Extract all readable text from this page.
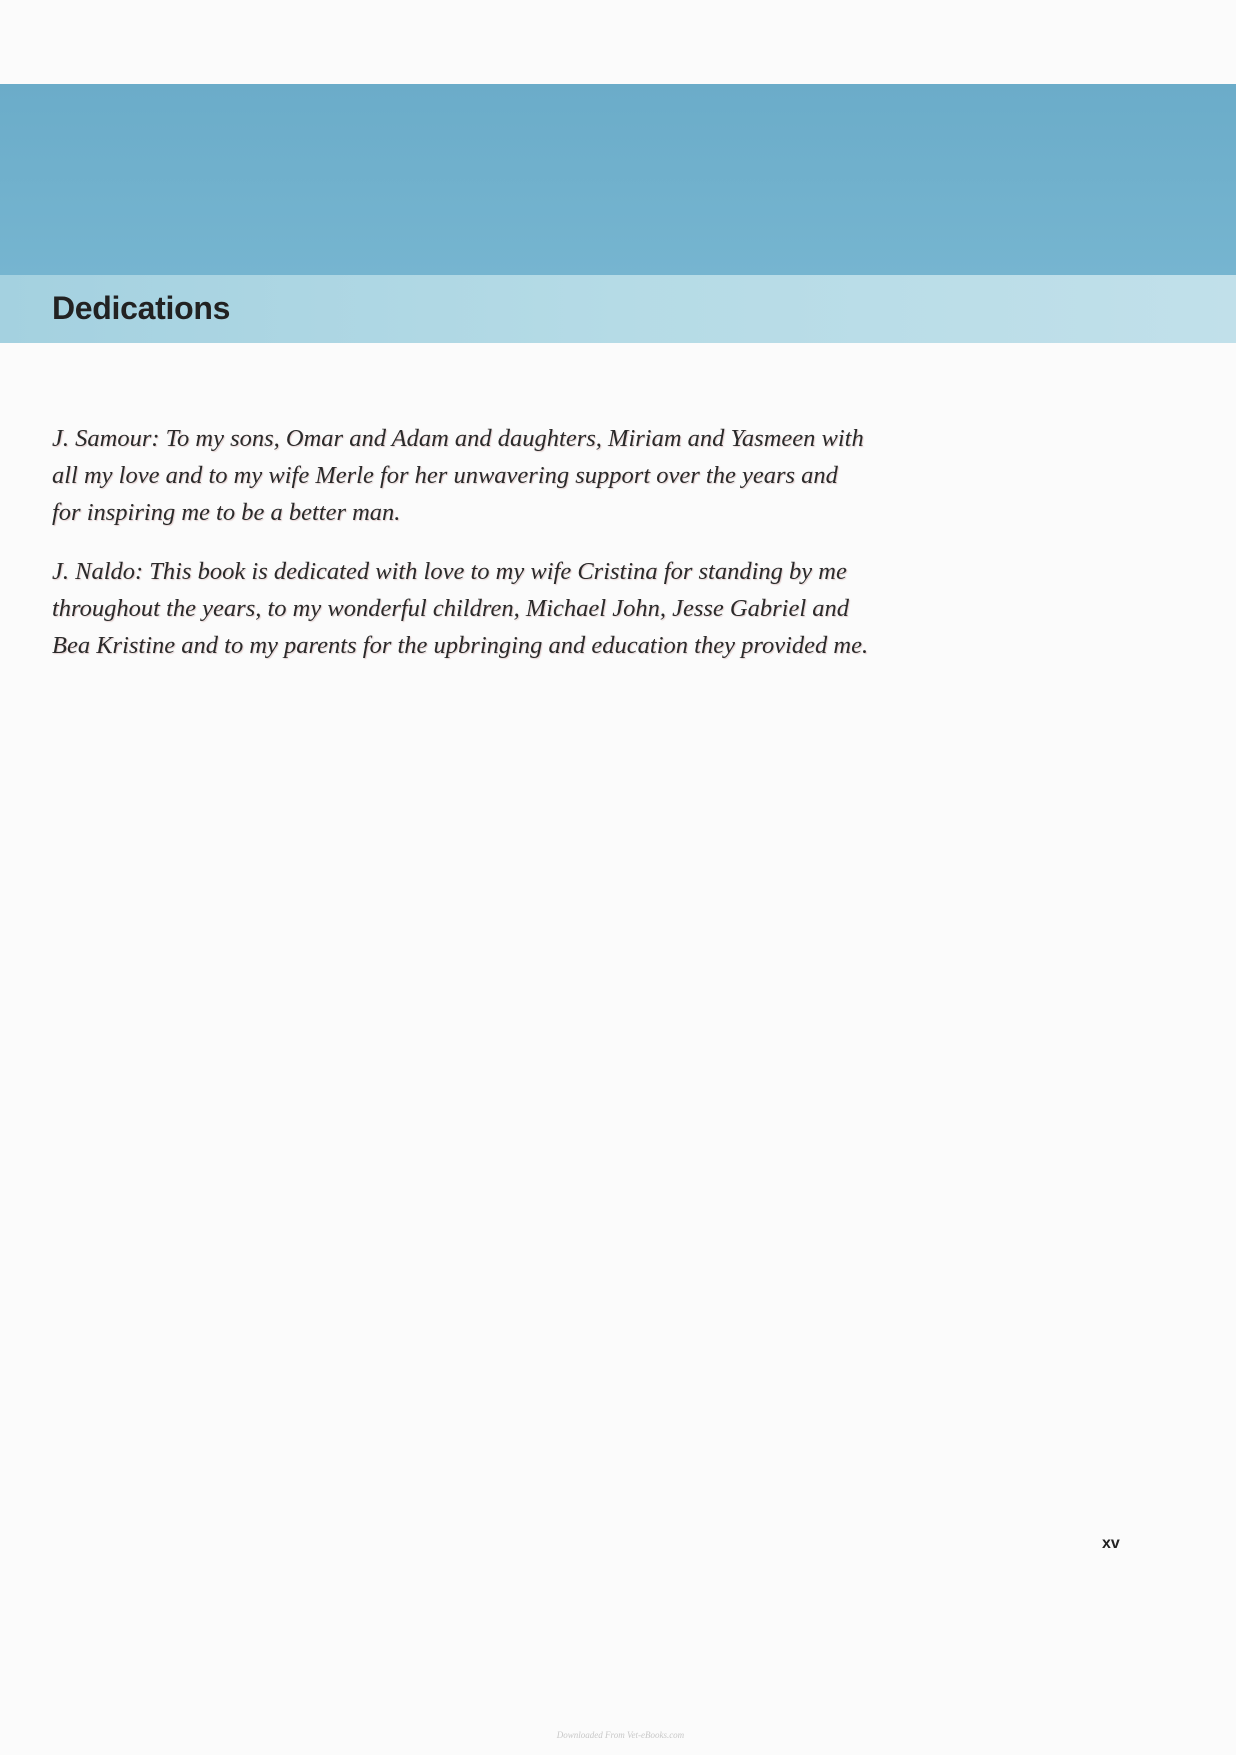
Dedications

J. Samour: To my sons, Omar and Adam and daughters, Miriam and Yasmeen with all my love and to my wife Merle for her unwavering support over the years and for inspiring me to be a better man.

J. Naldo: This book is dedicated with love to my wife Cristina for standing by me throughout the years, to my wonderful children, Michael John, Jesse Gabriel and Bea Kristine and to my parents for the upbringing and education they provided me.

xv
Downloaded From Vet-eBooks.com
